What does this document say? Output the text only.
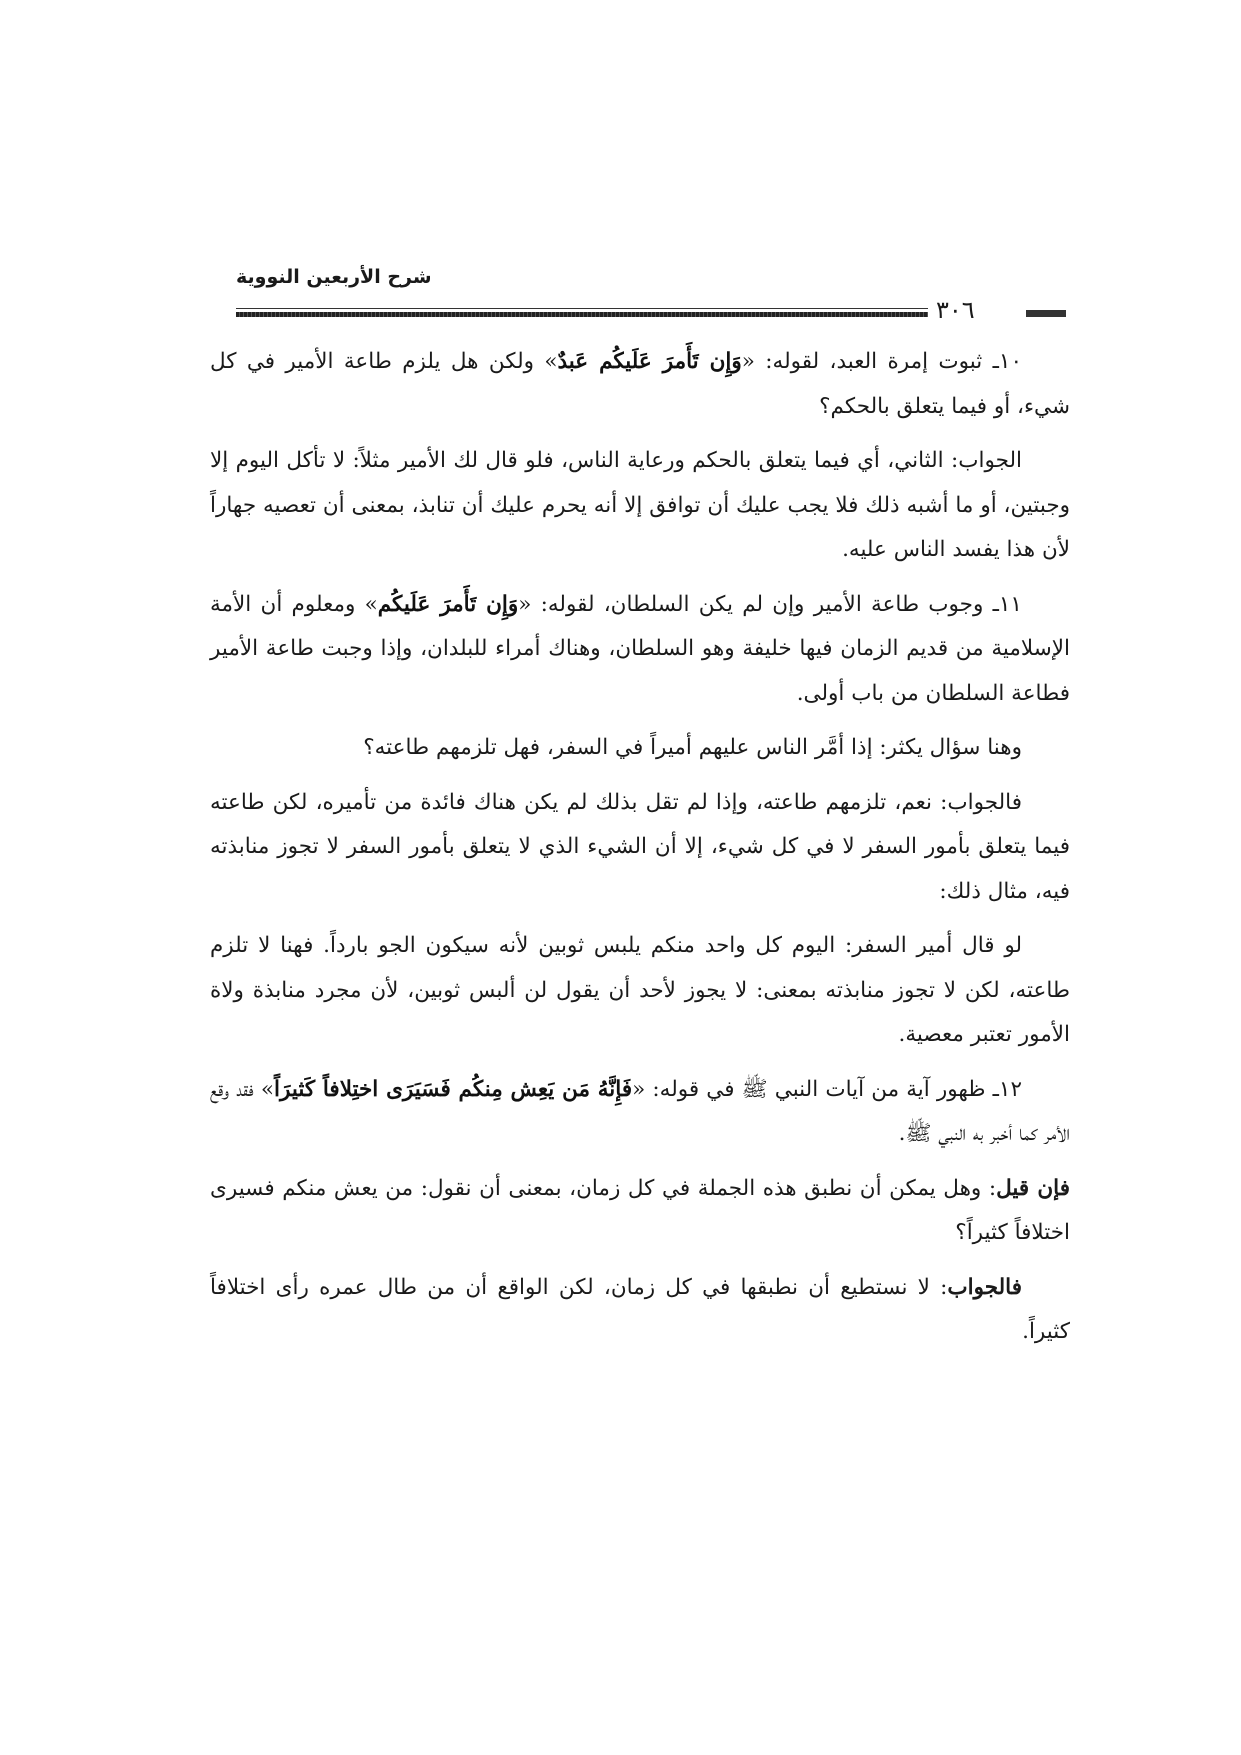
شرح الأربعين النووية
٣٠٦

١٠ـ ثبوت إمرة العبد، لقوله: «وَإِن تَأَمرَ عَلَيكُم عَبدٌ» ولكن هل يلزم طاعة الأمير في كل شيء، أو فيما يتعلق بالحكم؟

الجواب: الثاني، أي فيما يتعلق بالحكم ورعاية الناس، فلو قال لك الأمير مثلاً: لا تأكل اليوم إلا وجبتين، أو ما أشبه ذلك فلا يجب عليك أن توافق إلا أنه يحرم عليك أن تنابذ، بمعنى أن تعصيه جهاراً لأن هذا يفسد الناس عليه.

١١ـ وجوب طاعة الأمير وإن لم يكن السلطان، لقوله: «وَإِن تَأَمرَ عَلَيكُم» ومعلوم أن الأمة الإسلامية من قديم الزمان فيها خليفة وهو السلطان، وهناك أمراء للبلدان، وإذا وجبت طاعة الأمير فطاعة السلطان من باب أولى.

وهنا سؤال يكثر: إذا أمَّر الناس عليهم أميراً في السفر، فهل تلزمهم طاعته؟

فالجواب: نعم، تلزمهم طاعته، وإذا لم تقل بذلك لم يكن هناك فائدة من تأميره، لكن طاعته فيما يتعلق بأمور السفر لا في كل شيء، إلا أن الشيء الذي لا يتعلق بأمور السفر لا تجوز منابذته فيه، مثال ذلك:

لو قال أمير السفر: اليوم كل واحد منكم يلبس ثوبين لأنه سيكون الجو بارداً. فهنا لا تلزم طاعته، لكن لا تجوز منابذته بمعنى: لا يجوز لأحد أن يقول لن ألبس ثوبين، لأن مجرد منابذة ولاة الأمور تعتبر معصية.

١٢ـ ظهور آية من آيات النبي ﷺ في قوله: «فَإِنَّهُ مَن يَعِش مِنكُم فَسَيَرَى اختِلافاً كَثيرَاً» فقد وقع الأمر كما أخبر به النبي ﷺ.

فإن قيل: وهل يمكن أن نطبق هذه الجملة في كل زمان، بمعنى أن نقول: من يعش منكم فسيرى اختلافاً كثيراً؟

فالجواب: لا نستطيع أن نطبقها في كل زمان، لكن الواقع أن من طال عمره رأى اختلافاً كثيراً.
